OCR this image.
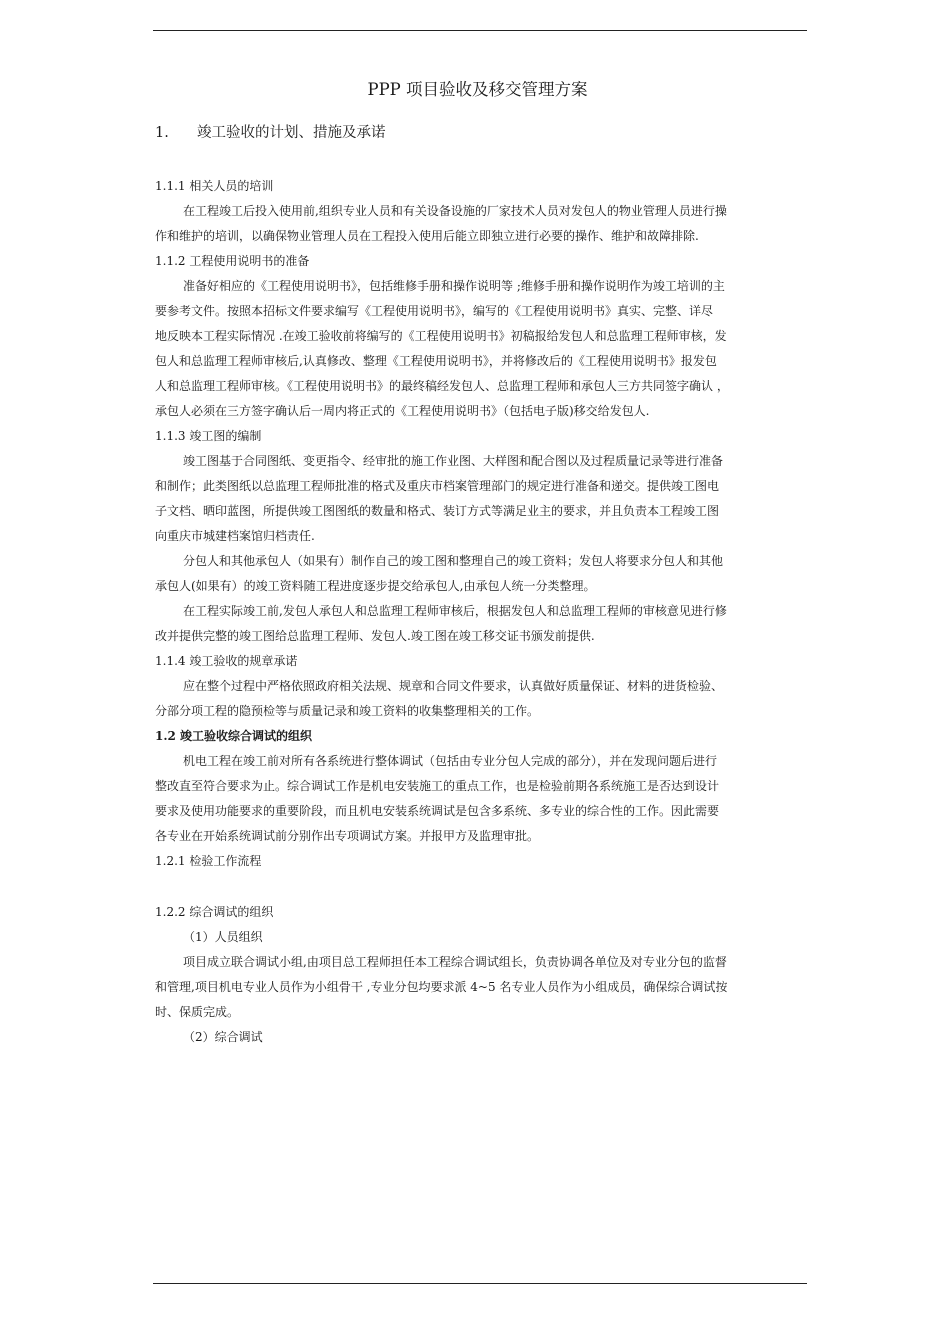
PPP 项目验收及移交管理方案
1.	竣工验收的计划、措施及承诺
1.1.1 相关人员的培训
在工程竣工后投入使用前,组织专业人员和有关设备设施的厂家技术人员对发包人的物业管理人员进行操
作和维护的培训，以确保物业管理人员在工程投入使用后能立即独立进行必要的操作、维护和故障排除.
1.1.2 工程使用说明书的准备
准备好相应的《工程使用说明书》，包括维修手册和操作说明等 ;维修手册和操作说明作为竣工培训的主
要参考文件。按照本招标文件要求编写《工程使用说明书》，编写的《工程使用说明书》真实、完整、详尽
地反映本工程实际情况 .在竣工验收前将编写的《工程使用说明书》初稿报给发包人和总监理工程师审核，发
包人和总监理工程师审核后,认真修改、整理《工程使用说明书》，并将修改后的《工程使用说明书》报发包
人和总监理工程师审核。《工程使用说明书》的最终稿经发包人、总监理工程师和承包人三方共同签字确认 ，
承包人必须在三方签字确认后一周内将正式的《工程使用说明书》（包括电子版)移交给发包人.
1.1.3 竣工图的编制
竣工图基于合同图纸、变更指令、经审批的施工作业图、大样图和配合图以及过程质量记录等进行准备
和制作；此类图纸以总监理工程师批准的格式及重庆市档案管理部门的规定进行准备和递交。提供竣工图电
子文档、晒印蓝图，所提供竣工图图纸的数量和格式、装订方式等满足业主的要求，并且负责本工程竣工图
向重庆市城建档案馆归档责任.
分包人和其他承包人（如果有）制作自己的竣工图和整理自己的竣工资料；发包人将要求分包人和其他
承包人(如果有）的竣工资料随工程进度逐步提交给承包人,由承包人统一分类整理。
在工程实际竣工前,发包人承包人和总监理工程师审核后，根据发包人和总监理工程师的审核意见进行修
改并提供完整的竣工图给总监理工程师、发包人.竣工图在竣工移交证书颁发前提供.
1.1.4 竣工验收的规章承诺
应在整个过程中严格依照政府相关法规、规章和合同文件要求，认真做好质量保证、材料的进货检验、
分部分项工程的隐预检等与质量记录和竣工资料的收集整理相关的工作。
1.2 竣工验收综合调试的组织
机电工程在竣工前对所有各系统进行整体调试（包括由专业分包人完成的部分），并在发现问题后进行
整改直至符合要求为止。综合调试工作是机电安装施工的重点工作，也是检验前期各系统施工是否达到设计
要求及使用功能要求的重要阶段，而且机电安装系统调试是包含多系统、多专业的综合性的工作。因此需要
各专业在开始系统调试前分别作出专项调试方案。并报甲方及监理审批。
1.2.1 检验工作流程
1.2.2 综合调试的组织
（1）人员组织
项目成立联合调试小组,由项目总工程师担任本工程综合调试组长，负责协调各单位及对专业分包的监督
和管理,项目机电专业人员作为小组骨干 ,专业分包均要求派 4~5 名专业人员作为小组成员，确保综合调试按
时、保质完成。
（2）综合调试
